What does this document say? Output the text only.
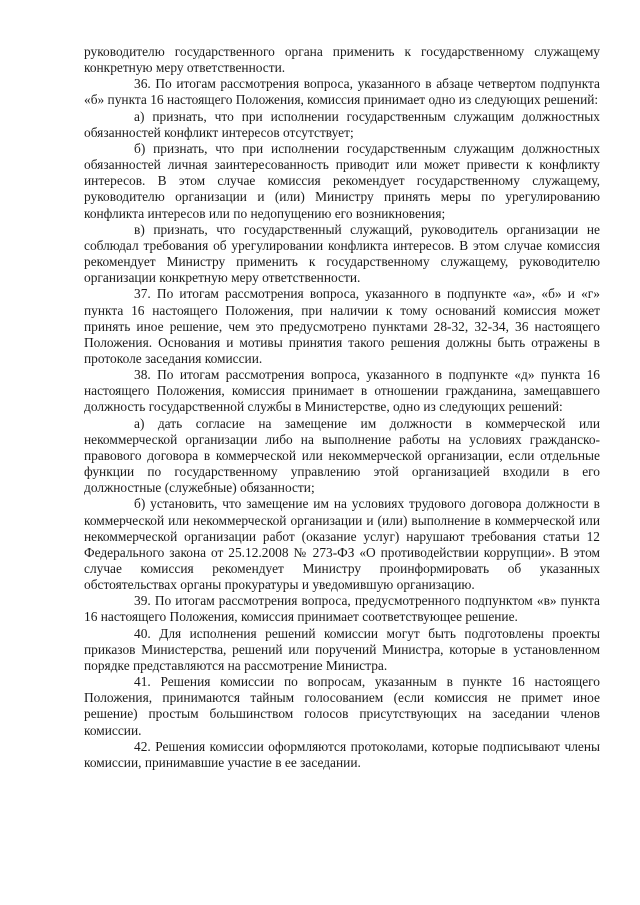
руководителю государственного органа применить к государственному служащему конкретную меру ответственности.

36. По итогам рассмотрения вопроса, указанного в абзаце четвертом подпункта «б» пункта 16 настоящего Положения, комиссия принимает одно из следующих решений:

а) признать, что при исполнении государственным служащим должностных обязанностей конфликт интересов отсутствует;

б) признать, что при исполнении государственным служащим должностных обязанностей личная заинтересованность приводит или может привести к конфликту интересов. В этом случае комиссия рекомендует государственному служащему, руководителю организации и (или) Министру принять меры по урегулированию конфликта интересов или по недопущению его возникновения;

в) признать, что государственный служащий, руководитель организации не соблюдал требования об урегулировании конфликта интересов. В этом случае комиссия рекомендует Министру применить к государственному служащему, руководителю организации конкретную меру ответственности.

37. По итогам рассмотрения вопроса, указанного в подпункте «а», «б» и «г» пункта 16 настоящего Положения, при наличии к тому оснований комиссия может принять иное решение, чем это предусмотрено пунктами 28-32, 32-34, 36 настоящего Положения. Основания и мотивы принятия такого решения должны быть отражены в протоколе заседания комиссии.

38. По итогам рассмотрения вопроса, указанного в подпункте «д» пункта 16 настоящего Положения, комиссия принимает в отношении гражданина, замещавшего должность государственной службы в Министерстве, одно из следующих решений:

а) дать согласие на замещение им должности в коммерческой или некоммерческой организации либо на выполнение работы на условиях гражданско-правового договора в коммерческой или некоммерческой организации, если отдельные функции по государственному управлению этой организацией входили в его должностные (служебные) обязанности;

б) установить, что замещение им на условиях трудового договора должности в коммерческой или некоммерческой организации и (или) выполнение в коммерческой или некоммерческой организации работ (оказание услуг) нарушают требования статьи 12 Федерального закона от 25.12.2008 № 273-ФЗ «О противодействии коррупции». В этом случае комиссия рекомендует Министру проинформировать об указанных обстоятельствах органы прокуратуры и уведомившую организацию.

39. По итогам рассмотрения вопроса, предусмотренного подпунктом «в» пункта 16 настоящего Положения, комиссия принимает соответствующее решение.

40. Для исполнения решений комиссии могут быть подготовлены проекты приказов Министерства, решений или поручений Министра, которые в установленном порядке представляются на рассмотрение Министра.

41. Решения комиссии по вопросам, указанным в пункте 16 настоящего Положения, принимаются тайным голосованием (если комиссия не примет иное решение) простым большинством голосов присутствующих на заседании членов комиссии.

42. Решения комиссии оформляются протоколами, которые подписывают члены комиссии, принимавшие участие в ее заседании.
